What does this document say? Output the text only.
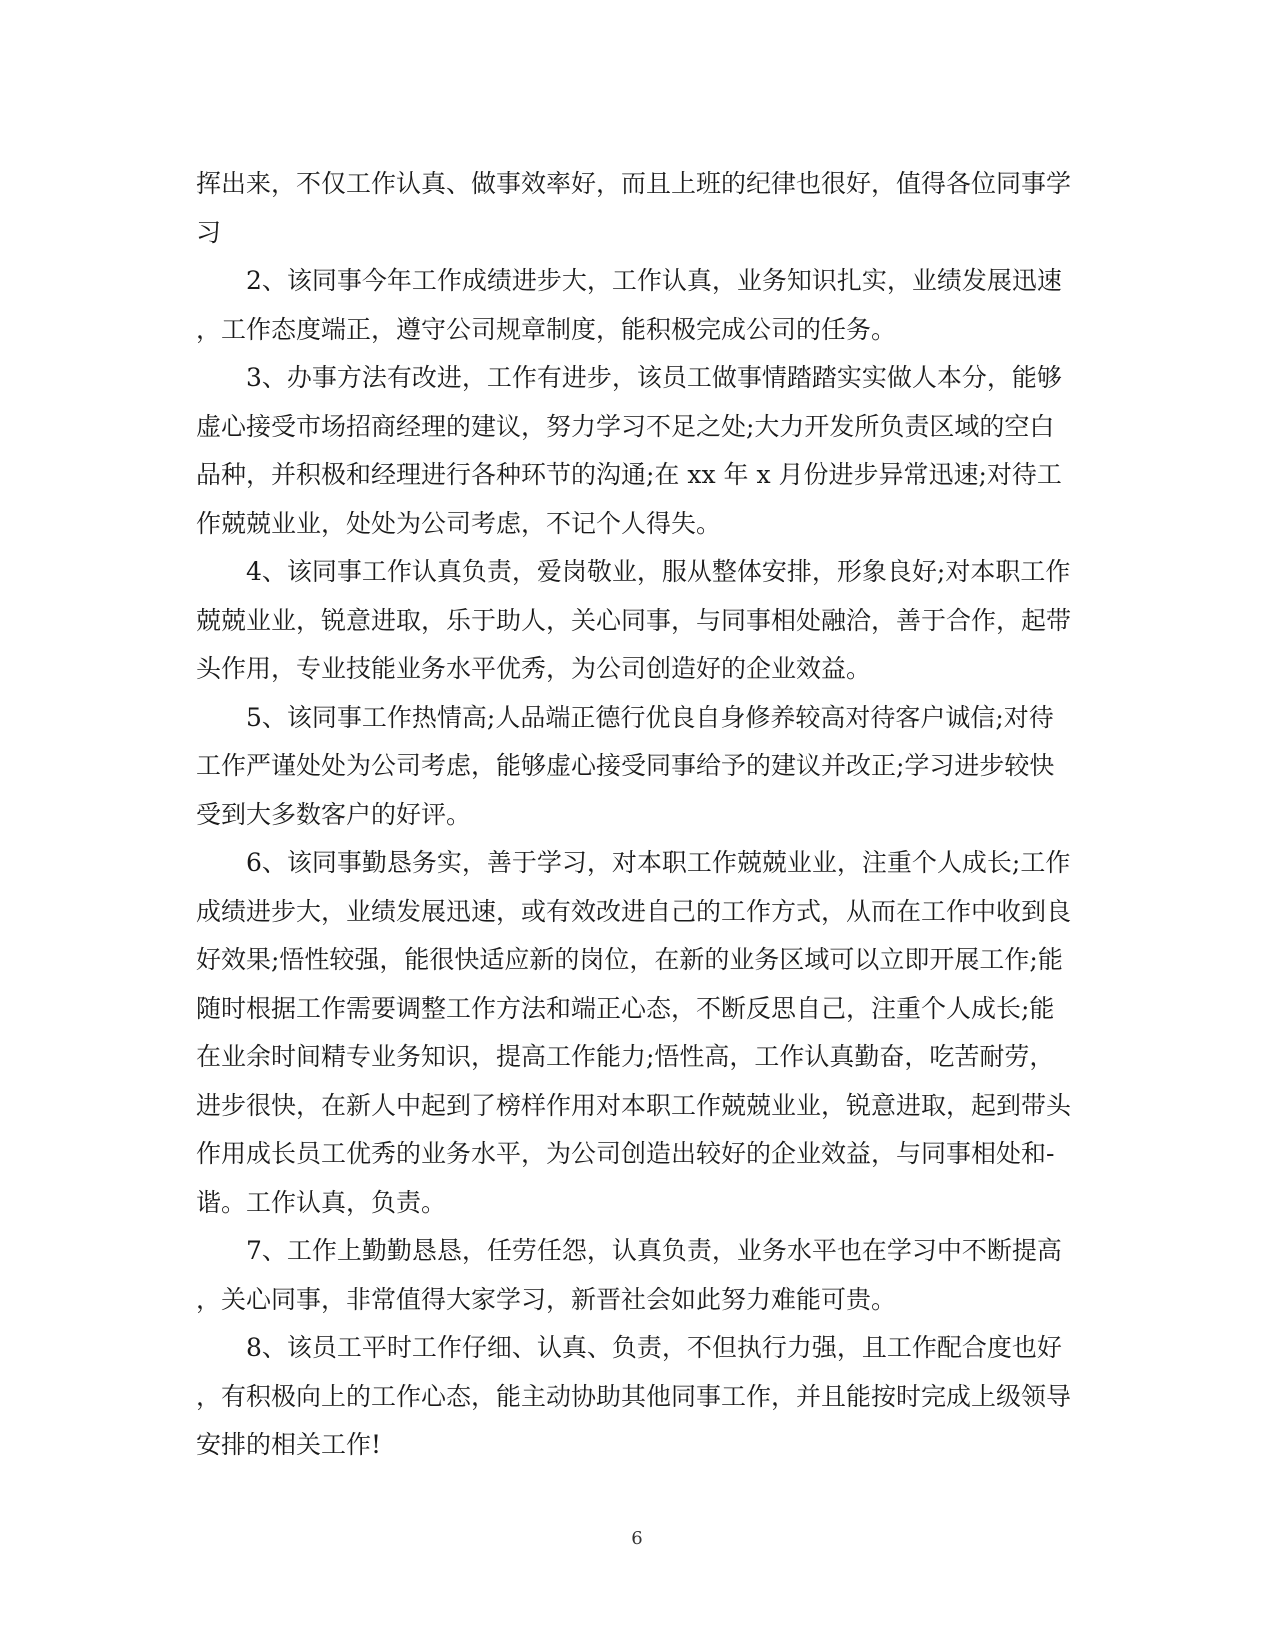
挥出来，不仅工作认真、做事效率好，而且上班的纪律也很好，值得各位同事学
习

2、该同事今年工作成绩进步大，工作认真，业务知识扎实，业绩发展迅速
，工作态度端正，遵守公司规章制度，能积极完成公司的任务。

3、办事方法有改进，工作有进步，该员工做事情踏踏实实做人本分，能够
虚心接受市场招商经理的建议，努力学习不足之处;大力开发所负责区域的空白
品种，并积极和经理进行各种环节的沟通;在 xx 年 x 月份进步异常迅速;对待工
作兢兢业业，处处为公司考虑，不记个人得失。

4、该同事工作认真负责，爱岗敬业，服从整体安排，形象良好;对本职工作
兢兢业业，锐意进取，乐于助人，关心同事，与同事相处融洽，善于合作，起带
头作用，专业技能业务水平优秀，为公司创造好的企业效益。

5、该同事工作热情高;人品端正德行优良自身修养较高对待客户诚信;对待
工作严谨处处为公司考虑，能够虚心接受同事给予的建议并改正;学习进步较快
受到大多数客户的好评。

6、该同事勤恳务实，善于学习，对本职工作兢兢业业，注重个人成长;工作
成绩进步大，业绩发展迅速，或有效改进自己的工作方式，从而在工作中收到良
好效果;悟性较强，能很快适应新的岗位，在新的业务区域可以立即开展工作;能
随时根据工作需要调整工作方法和端正心态，不断反思自己，注重个人成长;能
在业余时间精专业务知识，提高工作能力;悟性高，工作认真勤奋，吃苦耐劳，
进步很快，在新人中起到了榜样作用对本职工作兢兢业业，锐意进取，起到带头
作用成长员工优秀的业务水平，为公司创造出较好的企业效益，与同事相处和-
谐。工作认真，负责。

7、工作上勤勤恳恳，任劳任怨，认真负责，业务水平也在学习中不断提高
，关心同事，非常值得大家学习，新晋社会如此努力难能可贵。

8、该员工平时工作仔细、认真、负责，不但执行力强，且工作配合度也好
，有积极向上的工作心态，能主动协助其他同事工作，并且能按时完成上级领导
安排的相关工作!

6
